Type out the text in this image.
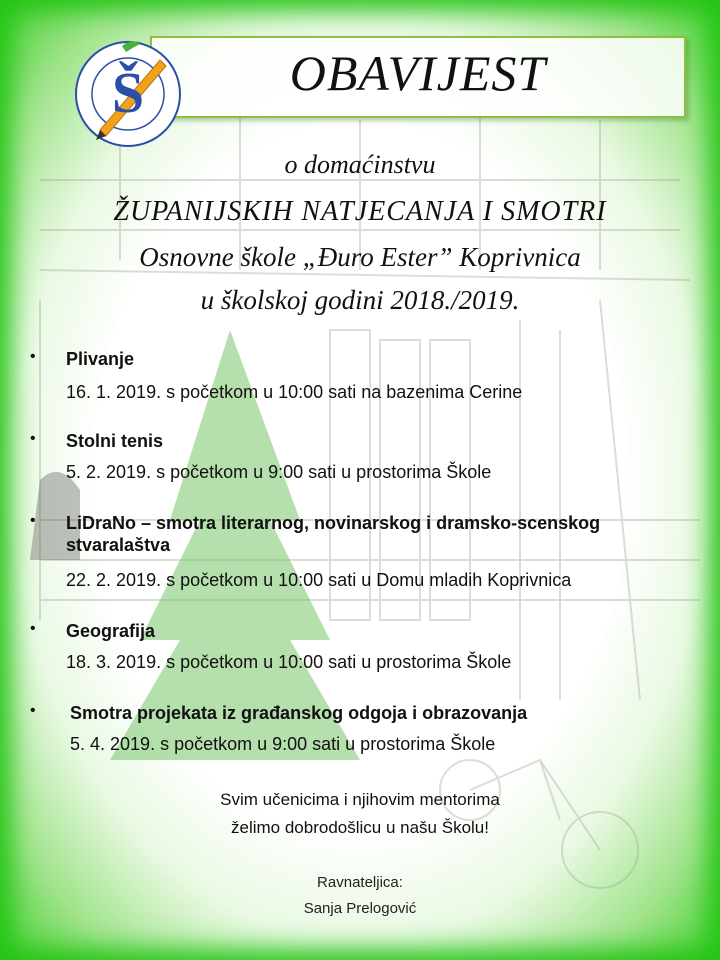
OBAVIJEST
Š
o domaćinstvu
ŽUPANIJSKIH NATJECANJA I SMOTRI
Osnovne škole „Đuro Ester” Koprivnica
u školskoj godini 2018./2019.
• Plivanje
16. 1. 2019. s početkom u 10:00 sati na bazenima Cerine
• Stolni tenis
5. 2. 2019. s početkom u 9:00 sati u prostorima Škole
• LiDraNo – smotra literarnog, novinarskog i dramsko-scenskog stvaralaštva
22. 2. 2019. s početkom u 10:00 sati u Domu mladih Koprivnica
• Geografija
18. 3. 2019. s početkom u 10:00 sati u prostorima Škole
• Smotra projekata iz građanskog odgoja i obrazovanja
5. 4. 2019. s početkom u 9:00 sati u prostorima Škole
Svim učenicima i njihovim mentorima
želimo dobrodošlicu u našu Školu!
Ravnateljica:
Sanja Prelogović
